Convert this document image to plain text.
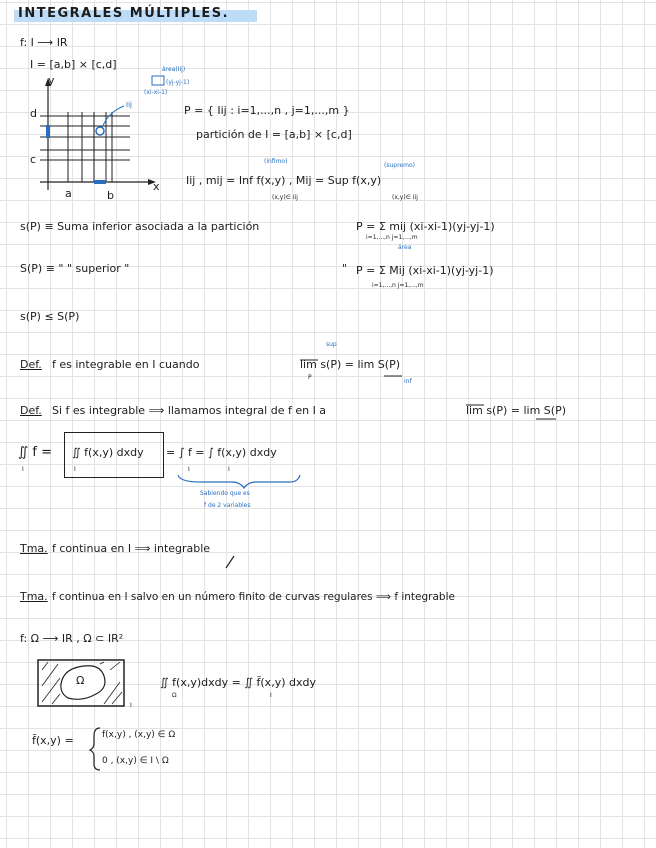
INTEGRALES MÚLTIPLES.
f: I ⟶ IR
I = [a,b] × [c,d]
y
x
d
c
a	b
Iij
área(Iij)
(yj-yj-1)
(xi-xi-1)
P = { Iij : i=1,...,n , j=1,...,m }
partición de I = [a,b] × [c,d]
(ínfimo)
(supremo)
Iij , mij = Inf f(x,y) , Mij = Sup f(x,y)
(x,y)∈ Iij	(x,y)∈ Iij
s(P) ≡ Suma inferior asociada a la partición	P = Σ mij (xi-xi-1)(yj-yj-1)
i=1,...,n j=1,...,m
área
S(P) ≡ " " superior "	" P = Σ Mij (xi-xi-1)(yj-yj-1)
i=1,...,n j=1,...,m
s(P) ≤ S(P)
Def. f es integrable en I cuando	lim s(P) = lim S(P)
sup
inf
P
Def. Si f es integrable ⟹ llamamos integral de f en I a	lim s(P) = lim S(P)
∬ f =
I
∬ f(x,y) dxdy
I
= ∫ f = ∫ f(x,y) dxdy
I	I
Sabiendo que es
f de 2 variables
Tma. f continua en I ⟹ integrable
Tma. f continua en I salvo en un número finito de curvas regulares ⟹ f integrable
f: Ω ⟶ IR , Ω ⊂ IR²
Ω
I
∬ f(x,y)dxdy = ∬ f̃(x,y) dxdy
Ω	I
f̃(x,y) =	f(x,y) , (x,y) ∈ Ω
0 , (x,y) ∈ I \ Ω
